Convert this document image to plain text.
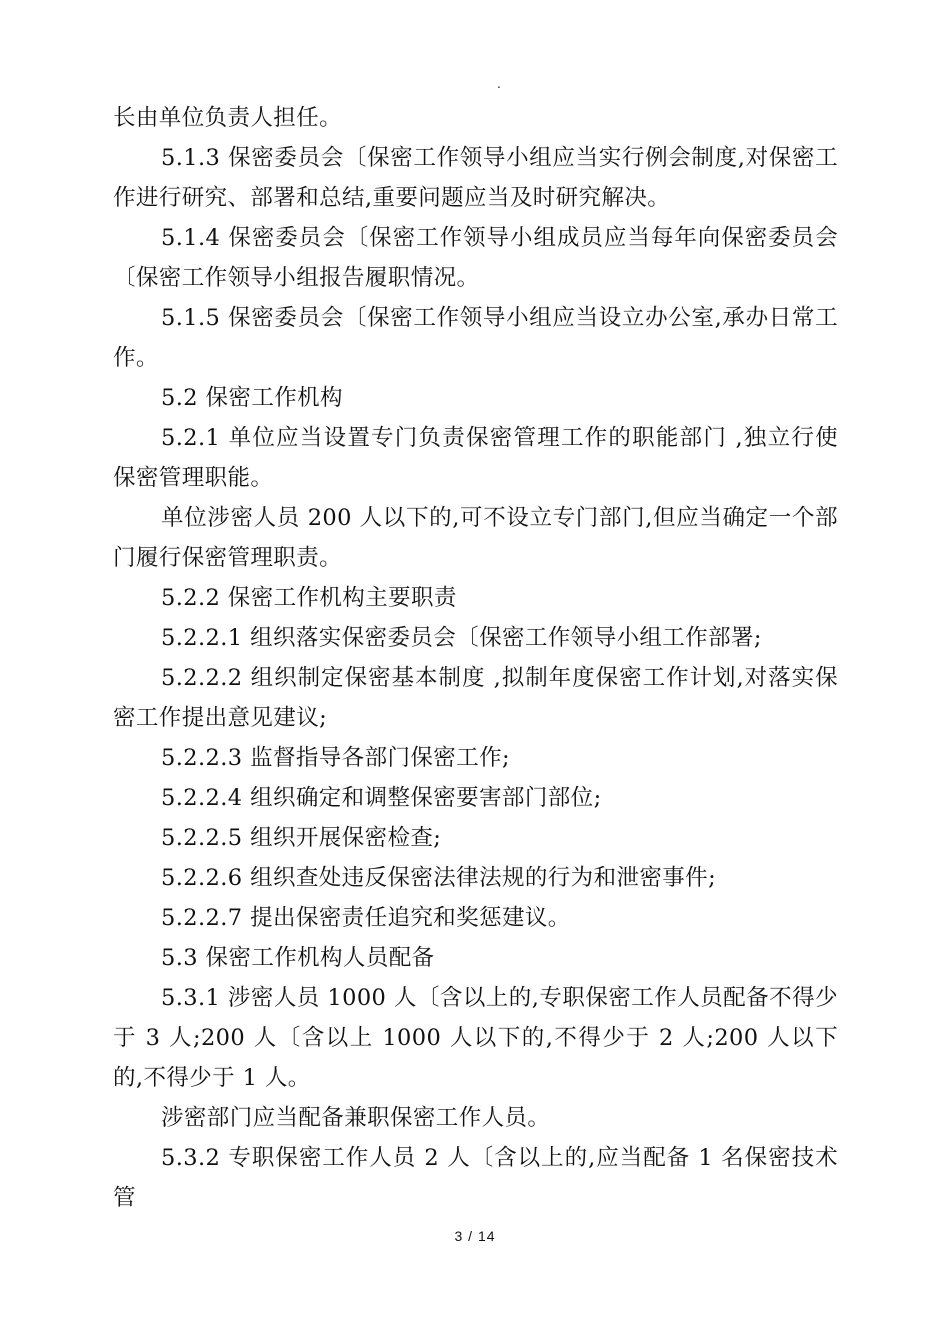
.

长由单位负责人担任。

5.1.3 保密委员会〔保密工作领导小组应当实行例会制度,对保密工作进行研究、部署和总结,重要问题应当及时研究解决。

5.1.4 保密委员会〔保密工作领导小组成员应当每年向保密委员会〔保密工作领导小组报告履职情况。

5.1.5 保密委员会〔保密工作领导小组应当设立办公室,承办日常工作。

5.2 保密工作机构

5.2.1 单位应当设置专门负责保密管理工作的职能部门 ,独立行使保密管理职能。

单位涉密人员 200 人以下的,可不设立专门部门,但应当确定一个部门履行保密管理职责。

5.2.2 保密工作机构主要职责

5.2.2.1 组织落实保密委员会〔保密工作领导小组工作部署;

5.2.2.2 组织制定保密基本制度 ,拟制年度保密工作计划,对落实保密工作提出意见建议;

5.2.2.3 监督指导各部门保密工作;

5.2.2.4 组织确定和调整保密要害部门部位;

5.2.2.5 组织开展保密检查;

5.2.2.6 组织查处违反保密法律法规的行为和泄密事件;

5.2.2.7 提出保密责任追究和奖惩建议。

5.3 保密工作机构人员配备

5.3.1 涉密人员 1000 人〔含以上的,专职保密工作人员配备不得少于 3 人;200 人〔含以上 1000 人以下的,不得少于 2 人;200 人以下的,不得少于 1 人。

涉密部门应当配备兼职保密工作人员。

5.3.2 专职保密工作人员 2 人〔含以上的,应当配备 1 名保密技术管

3 / 14
